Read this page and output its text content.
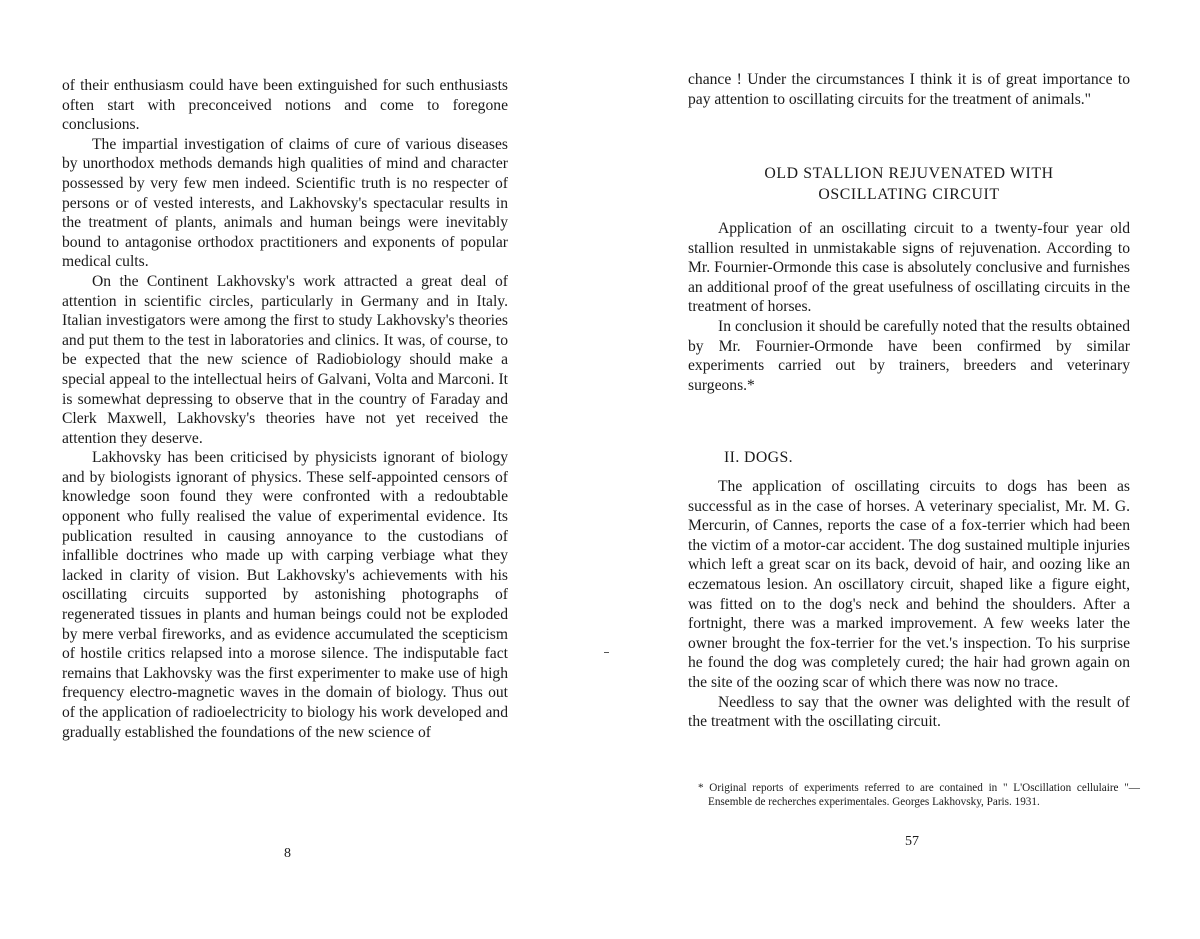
of their enthusiasm could have been extinguished for such enthusiasts often start with preconceived notions and come to foregone conclusions.

The impartial investigation of claims of cure of various diseases by unorthodox methods demands high qualities of mind and character possessed by very few men indeed. Scientific truth is no respecter of persons or of vested interests, and Lakhovsky's spectacular results in the treatment of plants, animals and human beings were inevitably bound to antagonise orthodox practitioners and exponents of popular medical cults.

On the Continent Lakhovsky's work attracted a great deal of attention in scientific circles, particularly in Germany and in Italy. Italian investigators were among the first to study Lakhovsky's theories and put them to the test in laboratories and clinics. It was, of course, to be expected that the new science of Radiobiology should make a special appeal to the intellectual heirs of Galvani, Volta and Marconi. It is somewhat depressing to observe that in the country of Faraday and Clerk Maxwell, Lakhovsky's theories have not yet received the attention they deserve.

Lakhovsky has been criticised by physicists ignorant of biology and by biologists ignorant of physics. These self-appointed censors of knowledge soon found they were confronted with a redoubtable opponent who fully realised the value of experimental evidence. Its publication resulted in causing annoyance to the custodians of infallible doctrines who made up with carping verbiage what they lacked in clarity of vision. But Lakhovsky's achievements with his oscillating circuits supported by astonishing photographs of regenerated tissues in plants and human beings could not be exploded by mere verbal fireworks, and as evidence accumulated the scepticism of hostile critics relapsed into a morose silence. The indisputable fact remains that Lakhovsky was the first experimenter to make use of high frequency electro-magnetic waves in the domain of biology. Thus out of the application of radioelectricity to biology his work developed and gradually established the foundations of the new science of

8

chance ! Under the circumstances I think it is of great importance to pay attention to oscillating circuits for the treatment of animals."

OLD STALLION REJUVENATED WITH
OSCILLATING CIRCUIT

Application of an oscillating circuit to a twenty-four year old stallion resulted in unmistakable signs of rejuvenation. According to Mr. Fournier-Ormonde this case is absolutely conclusive and furnishes an additional proof of the great usefulness of oscillating circuits in the treatment of horses.

In conclusion it should be carefully noted that the results obtained by Mr. Fournier-Ormonde have been confirmed by similar experiments carried out by trainers, breeders and veterinary surgeons.*

II. DOGS.

The application of oscillating circuits to dogs has been as successful as in the case of horses. A veterinary specialist, Mr. M. G. Mercurin, of Cannes, reports the case of a fox-terrier which had been the victim of a motor-car accident. The dog sustained multiple injuries which left a great scar on its back, devoid of hair, and oozing like an eczematous lesion. An oscillatory circuit, shaped like a figure eight, was fitted on to the dog's neck and behind the shoulders. After a fortnight, there was a marked improvement. A few weeks later the owner brought the fox-terrier for the vet.'s inspection. To his surprise he found the dog was completely cured; the hair had grown again on the site of the oozing scar of which there was now no trace.

Needless to say that the owner was delighted with the result of the treatment with the oscillating circuit.

* Original reports of experiments referred to are contained in " L'Oscillation cellulaire "—Ensemble de recherches experimentales. Georges Lakhovsky, Paris. 1931.
57
